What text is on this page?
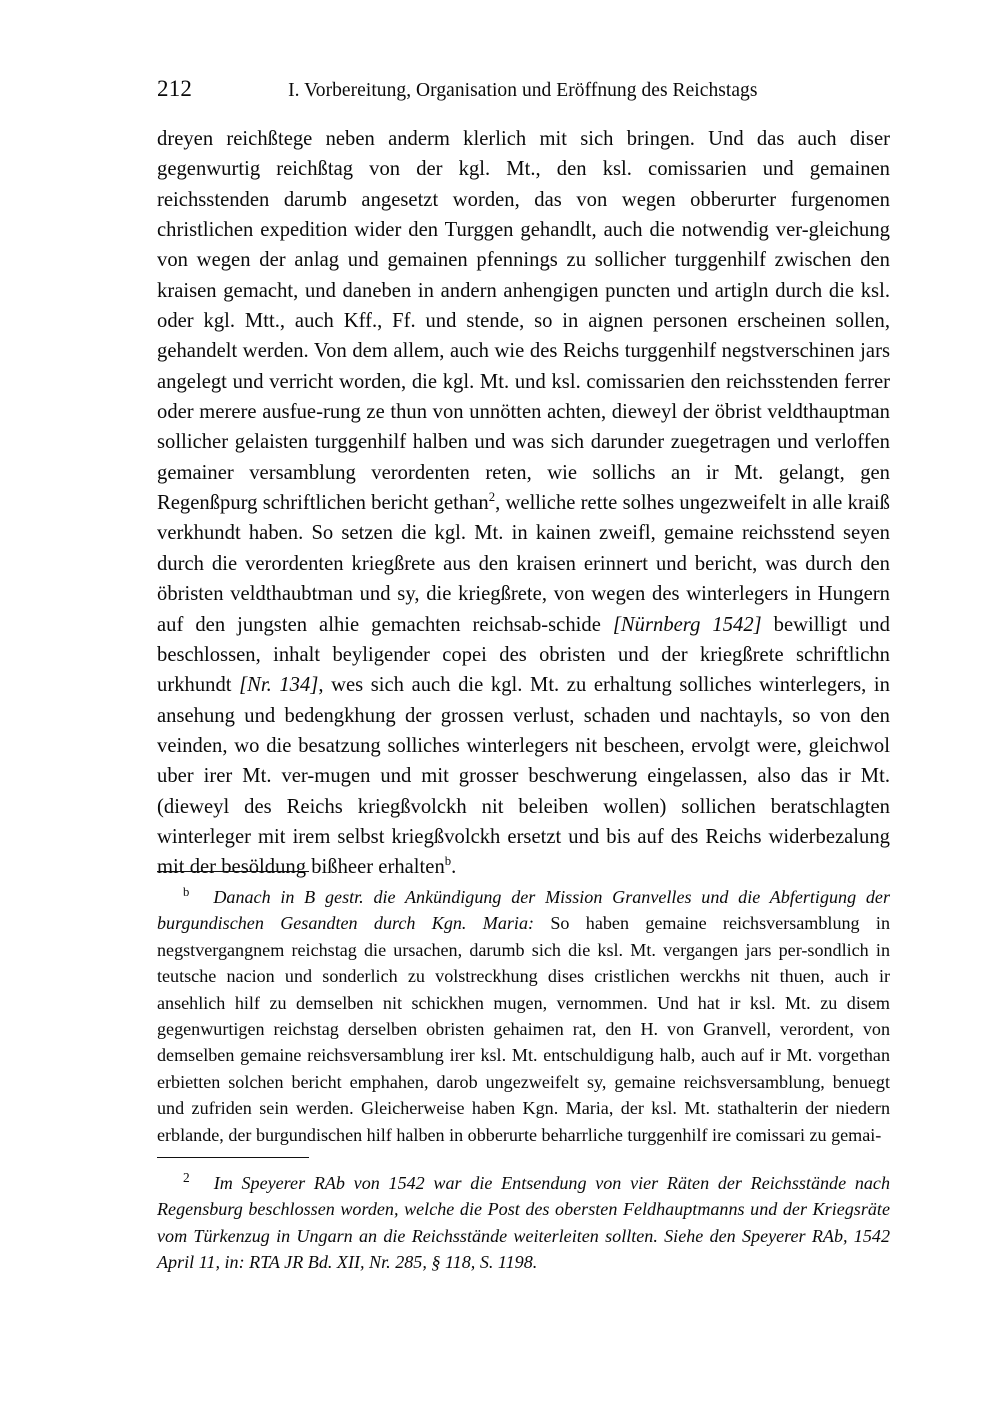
212	I. Vorbereitung, Organisation und Eröffnung des Reichstags

dreyen reichßtege neben anderm klerlich mit sich bringen. Und das auch diser gegenwurtig reichßtag von der kgl. Mt., den ksl. comissarien und gemainen reichsstenden darumb angesetzt worden, das von wegen obberurter furgenomen christlichen expedition wider den Turggen gehandlt, auch die notwendig ver-gleichung von wegen der anlag und gemainen pfennings zu sollicher turggenhilf zwischen den kraisen gemacht, und daneben in andern anhengigen puncten und artigln durch die ksl. oder kgl. Mtt., auch Kff., Ff. und stende, so in aignen personen erscheinen sollen, gehandelt werden. Von dem allem, auch wie des Reichs turggenhilf negstverschinen jars angelegt und verricht worden, die kgl. Mt. und ksl. comissarien den reichsstenden ferrer oder merere ausfue-rung ze thun von unnötten achten, dieweyl der öbrist veldthauptman sollicher gelaisten turggenhilf halben und was sich darunder zuegetragen und verloffen gemainer versamblung verordenten reten, wie sollichs an ir Mt. gelangt, gen Regenßpurg schriftlichen bericht gethan$^2$, welliche rette solhes ungezweifelt in alle kraiß verkhundt haben. So setzen die kgl. Mt. in kainen zweifl, gemaine reichsstend seyen durch die verordenten kriegßrete aus den kraisen erinnert und bericht, was durch den öbristen veldthaubtman und sy, die kriegßrete, von wegen des winterlegers in Hungern auf den jungsten alhie gemachten reichsab-schide [Nürnberg 1542] bewilligt und beschlossen, inhalt beyligender copei des obristen und der kriegßrete schriftlichn urkhundt [Nr. 134], wes sich auch die kgl. Mt. zu erhaltung solliches winterlegers, in ansehung und bedengkhung der grossen verlust, schaden und nachtayls, so von den veinden, wo die besatzung solliches winterlegers nit bescheen, ervolgt were, gleichwol uber irer Mt. ver-mugen und mit grosser beschwerung eingelassen, also das ir Mt. (dieweyl des Reichs kriegßvolckh nit beleiben wollen) sollichen beratschlagten winterleger mit irem selbst kriegßvolckh ersetzt und bis auf des Reichs widerbezalung mit der besöldung bißheer erhalten$^b$.

b Danach in B gestr. die Ankündigung der Mission Granvelles und die Abfertigung der burgundischen Gesandten durch Kgn. Maria: So haben gemaine reichsversamblung in negstvergangnem reichstag die ursachen, darumb sich die ksl. Mt. vergangen jars per-sondlich in teutsche nacion und sonderlich zu volstreckhung dises cristlichen werckhs nit thuen, auch ir ansehlich hilf zu demselben nit schickhen mugen, vernommen. Und hat ir ksl. Mt. zu disem gegenwurtigen reichstag derselben obristen gehaimen rat, den H. von Granvell, verordent, von demselben gemaine reichsversamblung irer ksl. Mt. entschuldigung halb, auch auf ir Mt. vorgethan erbietten solchen bericht emphahen, darob ungezweifelt sy, gemaine reichsversamblung, benuegt und zufriden sein werden. Gleicherweise haben Kgn. Maria, der ksl. Mt. stathalterin der niedern erblande, der burgundischen hilf halben in obberurte beharrliche turggenhilf ire comissari zu gemai-

2 Im Speyerer RAb von 1542 war die Entsendung von vier Räten der Reichsstände nach Regensburg beschlossen worden, welche die Post des obersten Feldhauptmanns und der Kriegsräte vom Türkenzug in Ungarn an die Reichsstände weiterleiten sollten. Siehe den Speyerer RAb, 1542 April 11, in: RTA JR Bd. XII, Nr. 285, § 118, S. 1198.
